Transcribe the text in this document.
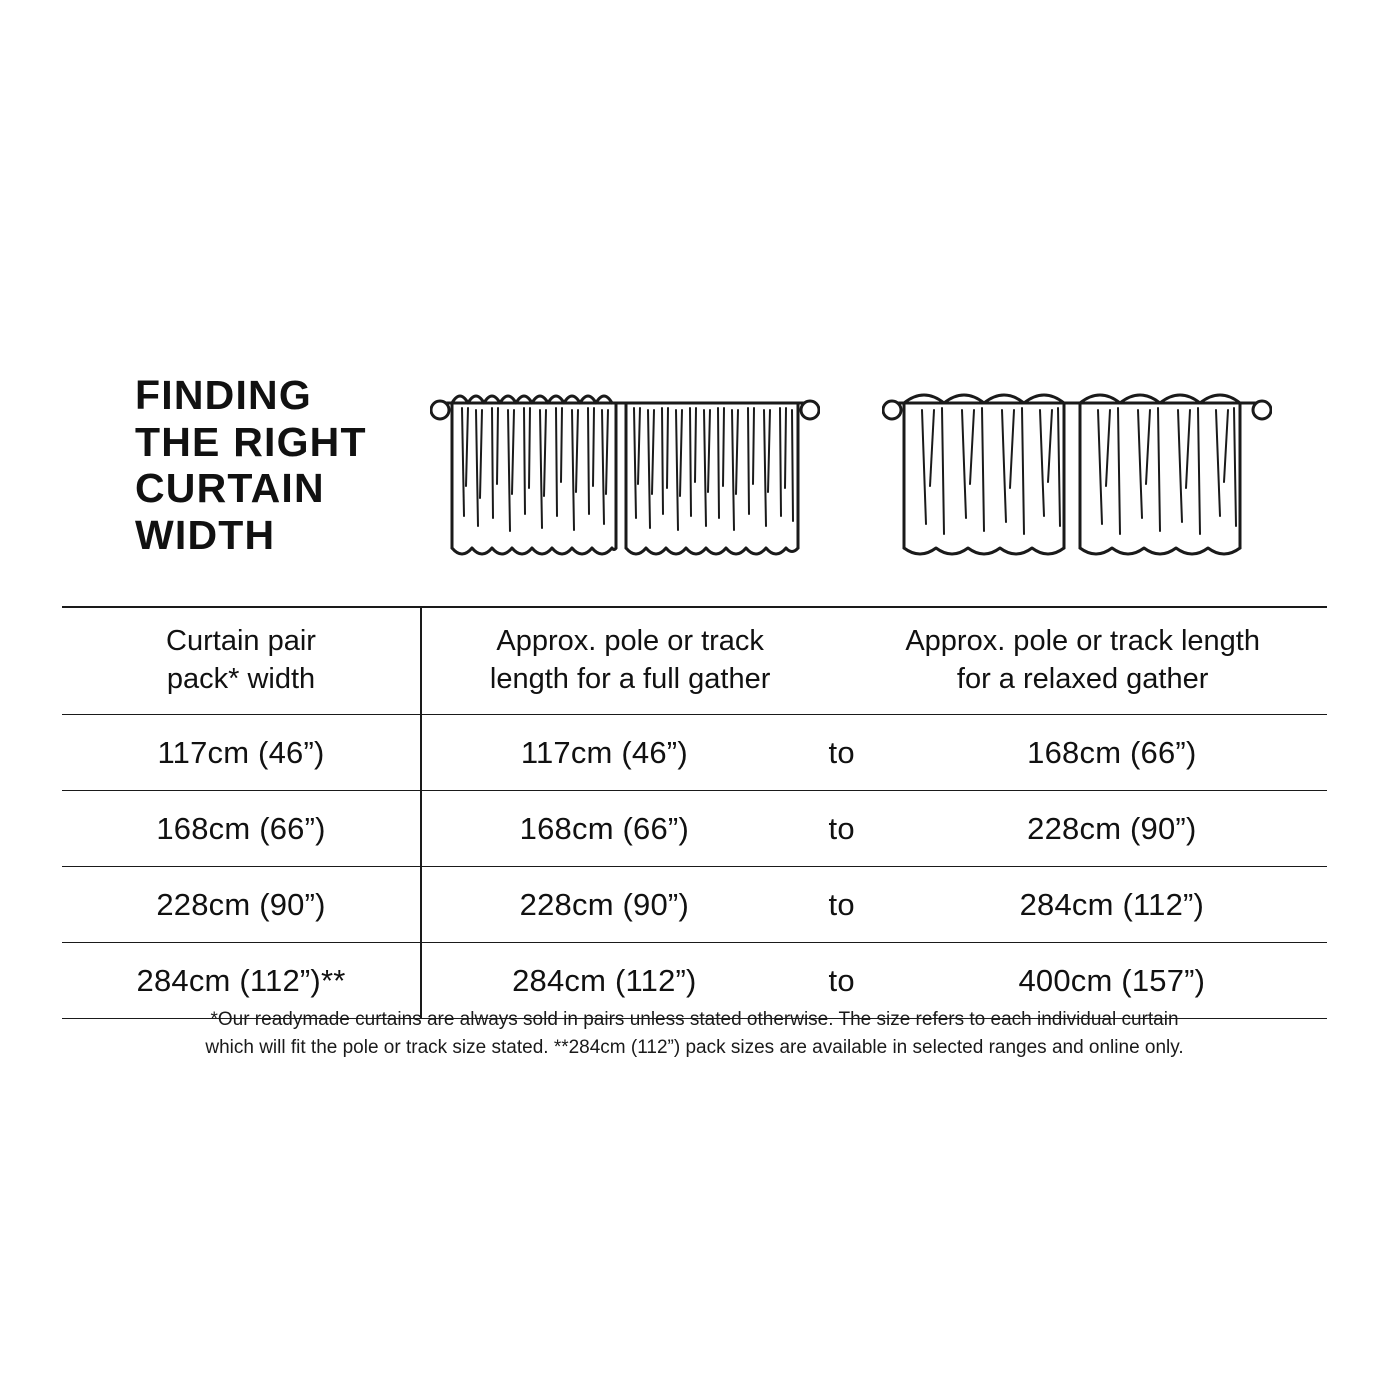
FINDING
THE RIGHT
CURTAIN
WIDTH
Curtain pair
pack* width
Approx. pole or track
length for a full gather
Approx. pole or track length
for a relaxed gather
117cm (46”)	117cm (46”)	to	168cm (66”)
168cm (66”)	168cm (66”)	to	228cm (90”)
228cm (90”)	228cm (90”)	to	284cm (112”)
284cm (112”)**	284cm (112”)	to	400cm (157”)
*Our readymade curtains are always sold in pairs unless stated otherwise. The size refers to each individual curtain
which will fit the pole or track size stated. **284cm (112”) pack sizes are available in selected ranges and online only.
